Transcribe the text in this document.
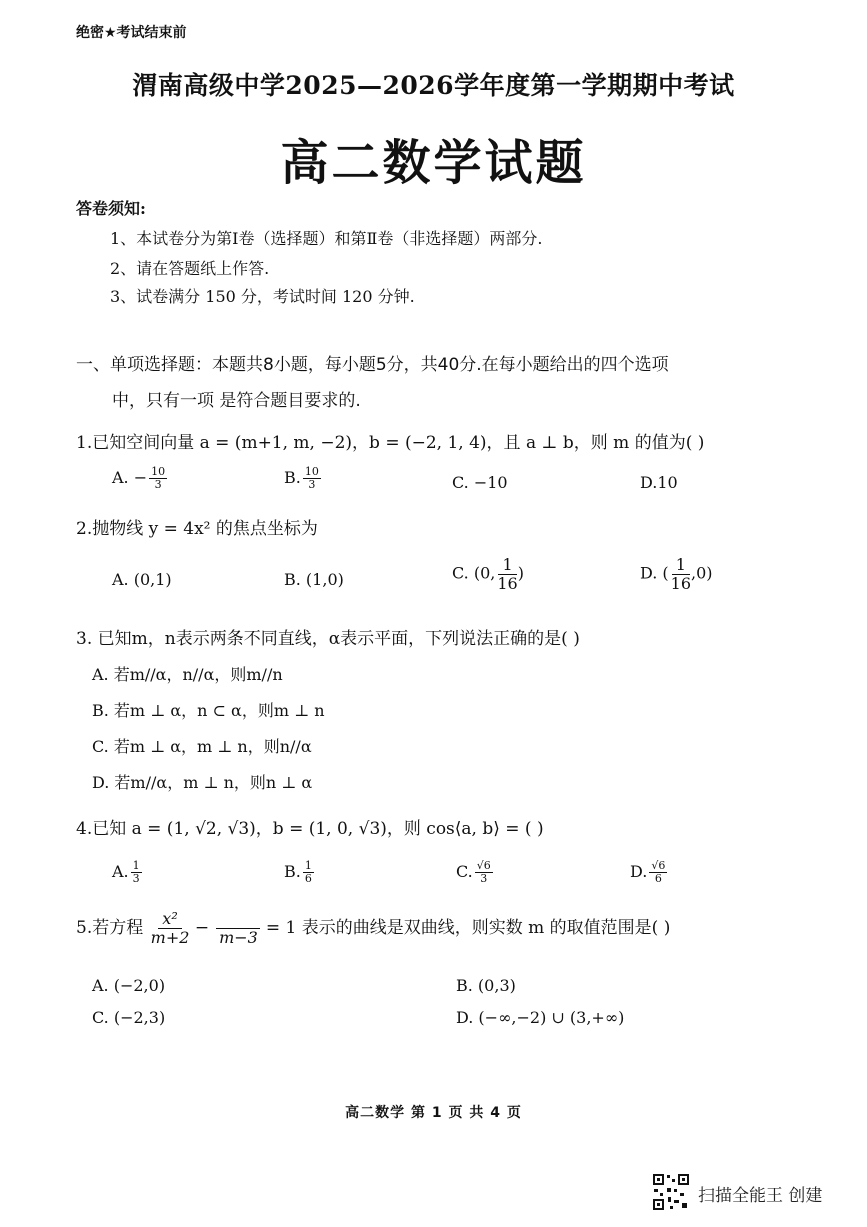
绝密★考试结束前
渭南高级中学2025—2026学年度第一学期期中考试
高二数学试题
答卷须知:
1、本试卷分为第Ⅰ卷（选择题）和第Ⅱ卷（非选择题）两部分.
2、请在答题纸上作答.
3、试卷满分 150 分，考试时间 120 分钟.
一、单项选择题：本题共8小题，每小题5分，共40分.在每小题给出的四个选项
中，只有一项 是符合题目要求的.
1.已知空间向量 a = (m+1, m, −2)，b = (−2, 1, 4)，且 a ⊥ b，则 m 的值为( )
A. − $\frac{10}{3}$	B. $\frac{10}{3}$	C. −10	D.10
2.抛物线 y = 4x² 的焦点坐标为
A. (0,1)	B. (1,0)	C. (0, $\frac{1}{16}$ )	D. ( $\frac{1}{16} ,0$)
3. 已知m，n表示两条不同直线，α表示平面，下列说法正确的是( )
A. 若m//α，n//α，则m//n
B. 若m ⊥ α，n ⊂ α，则m ⊥ n
C. 若m ⊥ α，m ⊥ n，则n//α
D. 若m//α，m ⊥ n，则n ⊥ α
4.已知 a = (1, √2, √3)，b = (1, 0, √3)，则 cos⟨a, b⟩ = ( )
A. $\frac{1}{3}$	B. $\frac{1}{6}$	C. $\frac{√6}{3}$	D. $\frac{√6}{6}$
5.若方程 $\frac{\text{x²}}{m+2} - m-3 = 1$ 表示的曲线是双曲线，则实数 m 的取值范围是( )
A. (−2,0)	B. (0,3)
C. (−2,3)	D. (−∞,−2) ∪ (3,+∞)
高二数学 第 1 页 共 4 页
扫描全能王 创建
